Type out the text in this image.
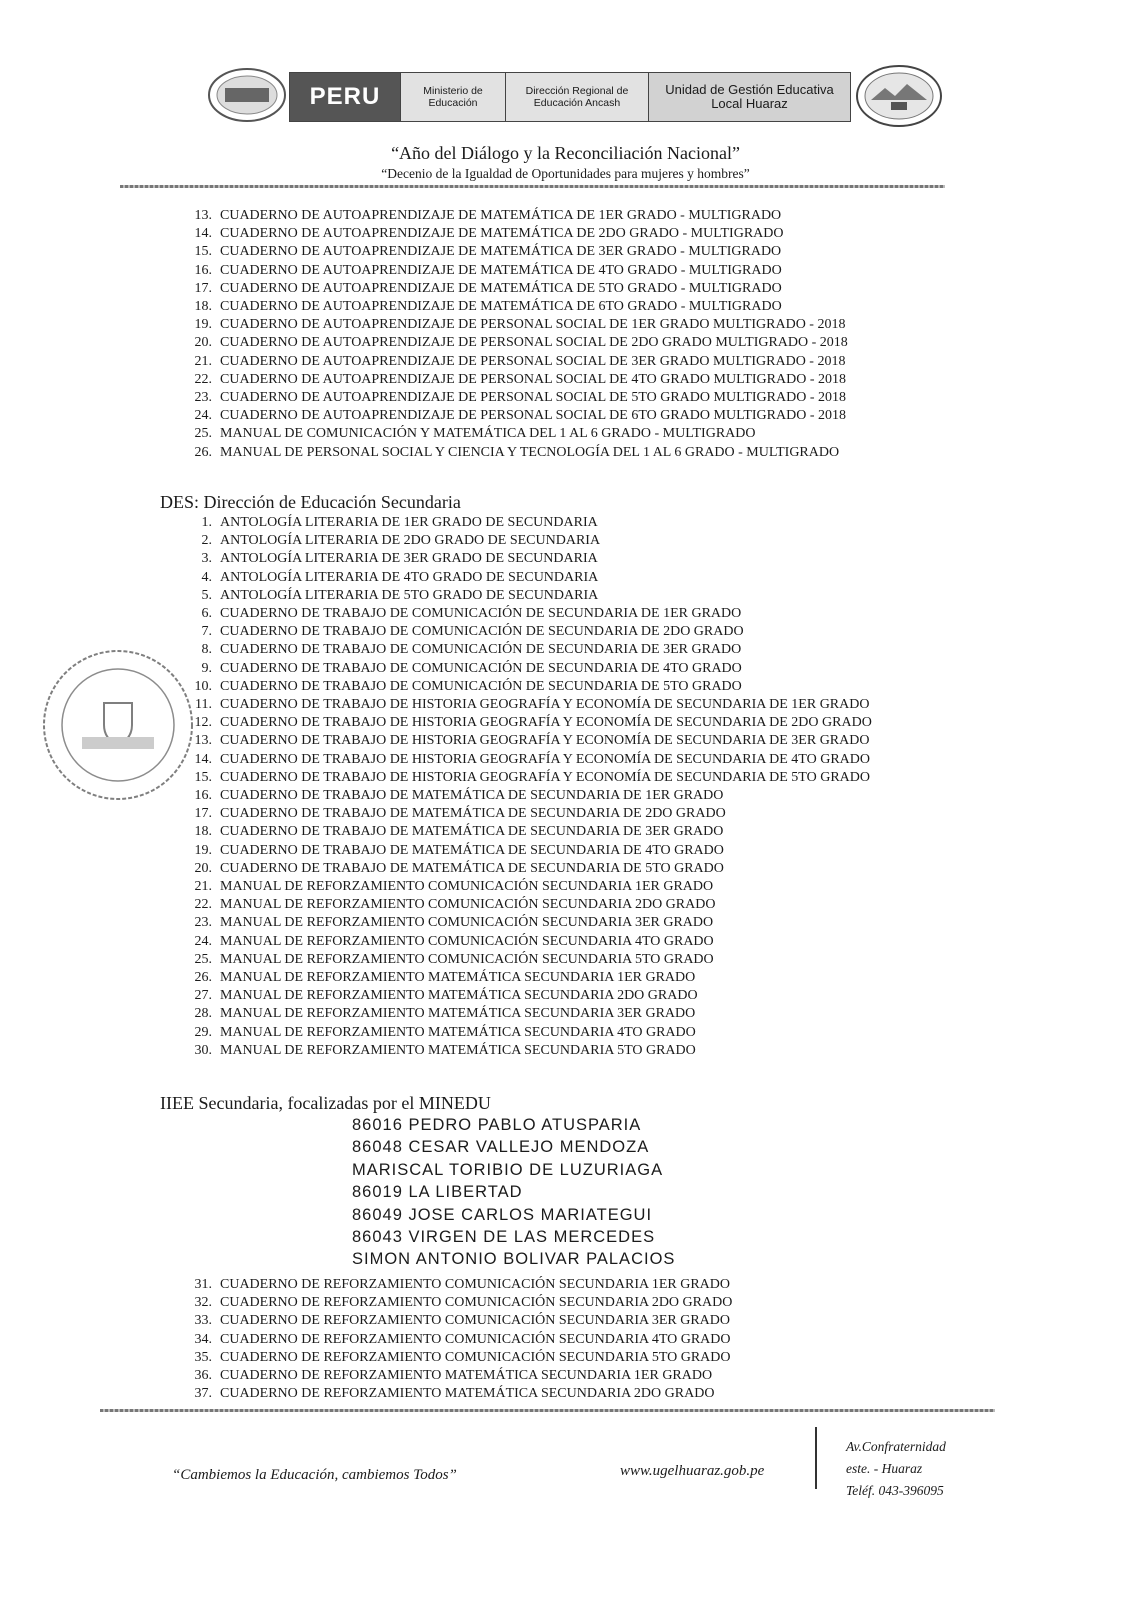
PERU	Ministerio de Educación
Dirección Regional de Educación Ancash
Unidad de Gestión Educativa Local Huaraz
“Año del Diálogo y la Reconciliación Nacional”
“Decenio de la Igualdad de Oportunidades para mujeres y hombres”
13. CUADERNO DE AUTOAPRENDIZAJE DE MATEMÁTICA DE 1ER GRADO - MULTIGRADO
14. CUADERNO DE AUTOAPRENDIZAJE DE MATEMÁTICA DE 2DO GRADO - MULTIGRADO
15. CUADERNO DE AUTOAPRENDIZAJE DE MATEMÁTICA DE 3ER GRADO - MULTIGRADO
16. CUADERNO DE AUTOAPRENDIZAJE DE MATEMÁTICA DE 4TO GRADO - MULTIGRADO
17. CUADERNO DE AUTOAPRENDIZAJE DE MATEMÁTICA DE 5TO GRADO - MULTIGRADO
18. CUADERNO DE AUTOAPRENDIZAJE DE MATEMÁTICA DE 6TO GRADO - MULTIGRADO
19. CUADERNO DE AUTOAPRENDIZAJE DE PERSONAL SOCIAL DE 1ER GRADO MULTIGRADO - 2018
20. CUADERNO DE AUTOAPRENDIZAJE DE PERSONAL SOCIAL DE 2DO GRADO MULTIGRADO - 2018
21. CUADERNO DE AUTOAPRENDIZAJE DE PERSONAL SOCIAL DE 3ER GRADO MULTIGRADO - 2018
22. CUADERNO DE AUTOAPRENDIZAJE DE PERSONAL SOCIAL DE 4TO GRADO MULTIGRADO - 2018
23. CUADERNO DE AUTOAPRENDIZAJE DE PERSONAL SOCIAL DE 5TO GRADO MULTIGRADO - 2018
24. CUADERNO DE AUTOAPRENDIZAJE DE PERSONAL SOCIAL DE 6TO GRADO MULTIGRADO - 2018
25. MANUAL DE COMUNICACIÓN Y MATEMÁTICA DEL 1 AL 6 GRADO - MULTIGRADO
26. MANUAL DE PERSONAL SOCIAL Y CIENCIA Y TECNOLOGÍA DEL 1 AL 6 GRADO - MULTIGRADO
DES: Dirección de Educación Secundaria
1. ANTOLOGÍA LITERARIA DE 1ER GRADO DE SECUNDARIA
2. ANTOLOGÍA LITERARIA DE 2DO GRADO DE SECUNDARIA
3. ANTOLOGÍA LITERARIA DE 3ER GRADO DE SECUNDARIA
4. ANTOLOGÍA LITERARIA DE 4TO GRADO DE SECUNDARIA
5. ANTOLOGÍA LITERARIA DE 5TO GRADO DE SECUNDARIA
6. CUADERNO DE TRABAJO DE COMUNICACIÓN DE SECUNDARIA DE 1ER GRADO
7. CUADERNO DE TRABAJO DE COMUNICACIÓN DE SECUNDARIA DE 2DO GRADO
8. CUADERNO DE TRABAJO DE COMUNICACIÓN DE SECUNDARIA DE 3ER GRADO
9. CUADERNO DE TRABAJO DE COMUNICACIÓN DE SECUNDARIA DE 4TO GRADO
10. CUADERNO DE TRABAJO DE COMUNICACIÓN DE SECUNDARIA DE 5TO GRADO
11. CUADERNO DE TRABAJO DE HISTORIA GEOGRAFÍA Y ECONOMÍA DE SECUNDARIA DE 1ER GRADO
12. CUADERNO DE TRABAJO DE HISTORIA GEOGRAFÍA Y ECONOMÍA DE SECUNDARIA DE 2DO GRADO
13. CUADERNO DE TRABAJO DE HISTORIA GEOGRAFÍA Y ECONOMÍA DE SECUNDARIA DE 3ER GRADO
14. CUADERNO DE TRABAJO DE HISTORIA GEOGRAFÍA Y ECONOMÍA DE SECUNDARIA DE 4TO GRADO
15. CUADERNO DE TRABAJO DE HISTORIA GEOGRAFÍA Y ECONOMÍA DE SECUNDARIA DE 5TO GRADO
16. CUADERNO DE TRABAJO DE MATEMÁTICA DE SECUNDARIA DE 1ER GRADO
17. CUADERNO DE TRABAJO DE MATEMÁTICA DE SECUNDARIA DE 2DO GRADO
18. CUADERNO DE TRABAJO DE MATEMÁTICA DE SECUNDARIA DE 3ER GRADO
19. CUADERNO DE TRABAJO DE MATEMÁTICA DE SECUNDARIA DE 4TO GRADO
20. CUADERNO DE TRABAJO DE MATEMÁTICA DE SECUNDARIA DE 5TO GRADO
21. MANUAL DE REFORZAMIENTO COMUNICACIÓN SECUNDARIA 1ER GRADO
22. MANUAL DE REFORZAMIENTO COMUNICACIÓN SECUNDARIA 2DO GRADO
23. MANUAL DE REFORZAMIENTO COMUNICACIÓN SECUNDARIA 3ER GRADO
24. MANUAL DE REFORZAMIENTO COMUNICACIÓN SECUNDARIA 4TO GRADO
25. MANUAL DE REFORZAMIENTO COMUNICACIÓN SECUNDARIA 5TO GRADO
26. MANUAL DE REFORZAMIENTO MATEMÁTICA SECUNDARIA 1ER GRADO
27. MANUAL DE REFORZAMIENTO MATEMÁTICA SECUNDARIA 2DO GRADO
28. MANUAL DE REFORZAMIENTO MATEMÁTICA SECUNDARIA 3ER GRADO
29. MANUAL DE REFORZAMIENTO MATEMÁTICA SECUNDARIA 4TO GRADO
30. MANUAL DE REFORZAMIENTO MATEMÁTICA SECUNDARIA 5TO GRADO
IIEE Secundaria, focalizadas por el MINEDU
86016 PEDRO PABLO ATUSPARIA
86048 CESAR VALLEJO MENDOZA
MARISCAL TORIBIO DE LUZURIAGA
86019 LA LIBERTAD
86049 JOSE CARLOS MARIATEGUI
86043 VIRGEN DE LAS MERCEDES
SIMON ANTONIO BOLIVAR PALACIOS
31. CUADERNO DE REFORZAMIENTO COMUNICACIÓN SECUNDARIA 1ER GRADO
32. CUADERNO DE REFORZAMIENTO COMUNICACIÓN SECUNDARIA 2DO GRADO
33. CUADERNO DE REFORZAMIENTO COMUNICACIÓN SECUNDARIA 3ER GRADO
34. CUADERNO DE REFORZAMIENTO COMUNICACIÓN SECUNDARIA 4TO GRADO
35. CUADERNO DE REFORZAMIENTO COMUNICACIÓN SECUNDARIA 5TO GRADO
36. CUADERNO DE REFORZAMIENTO MATEMÁTICA SECUNDARIA 1ER GRADO
37. CUADERNO DE REFORZAMIENTO MATEMÁTICA SECUNDARIA 2DO GRADO
“Cambiemos la Educación, cambiemos Todos”	www.ugelhuaraz.gob.pe
Av.Confraternidad
este. - Huaraz
Teléf. 043-396095
